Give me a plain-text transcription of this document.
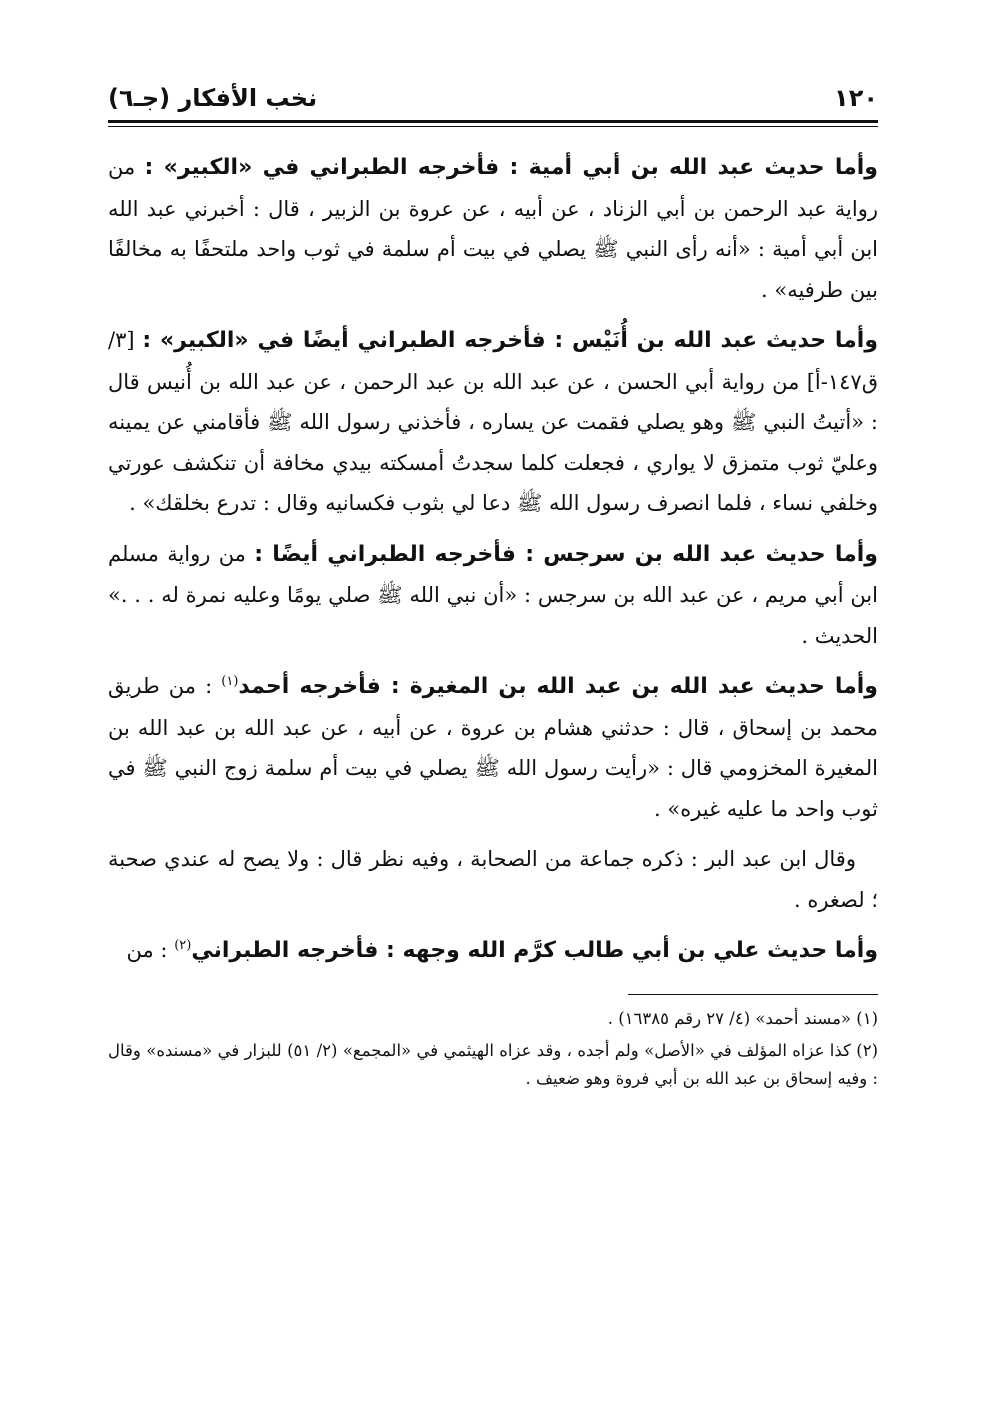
١٢٠
نخب الأفكار (جـ٦)

وأما حديث عبد الله بن أبي أمية : فأخرجه الطبراني في «الكبير» : من رواية عبد الرحمن بن أبي الزناد ، عن أبيه ، عن عروة بن الزبير ، قال : أخبرني عبد الله ابن أبي أمية : «أنه رأى النبي ﷺ يصلي في بيت أم سلمة في ثوب واحد ملتحفًا به مخالفًا بين طرفيه» .

وأما حديث عبد الله بن أُنَيْس : فأخرجه الطبراني أيضًا في «الكبير» : [٣/ ق١٤٧-أ] من رواية أبي الحسن ، عن عبد الله بن عبد الرحمن ، عن عبد الله بن أُنيس قال : «أتيتُ النبي ﷺ وهو يصلي فقمت عن يساره ، فأخذني رسول الله ﷺ فأقامني عن يمينه وعليّ ثوب متمزق لا يواري ، فجعلت كلما سجدتُ أمسكته بيدي مخافة أن تنكشف عورتي وخلفي نساء ، فلما انصرف رسول الله ﷺ دعا لي بثوب فكسانيه وقال : تدرع بخلقك» .

وأما حديث عبد الله بن سرجس : فأخرجه الطبراني أيضًا : من رواية مسلم ابن أبي مريم ، عن عبد الله بن سرجس : «أن نبي الله ﷺ صلي يومًا وعليه نمرة له . . .» الحديث .

وأما حديث عبد الله بن عبد الله بن المغيرة : فأخرجه أحمد$^{(١)}$ : من طريق محمد بن إسحاق ، قال : حدثني هشام بن عروة ، عن أبيه ، عن عبد الله بن عبد الله بن المغيرة المخزومي قال : «رأيت رسول الله ﷺ يصلي في بيت أم سلمة زوج النبي ﷺ في ثوب واحد ما عليه غيره» .

وقال ابن عبد البر : ذكره جماعة من الصحابة ، وفيه نظر قال : ولا يصح له عندي صحبة ؛ لصغره .

وأما حديث علي بن أبي طالب كرَّم الله وجهه : فأخرجه الطبراني$^{(٢)}$ : من

(١) «مسند أحمد» (٤/ ٢٧ رقم ١٦٣٨٥) .

(٢) كذا عزاه المؤلف في «الأصل» ولم أجده ، وقد عزاه الهيثمي في «المجمع» (٢/ ٥١) للبزار في «مسنده» وقال : وفيه إسحاق بن عبد الله بن أبي فروة وهو ضعيف .
